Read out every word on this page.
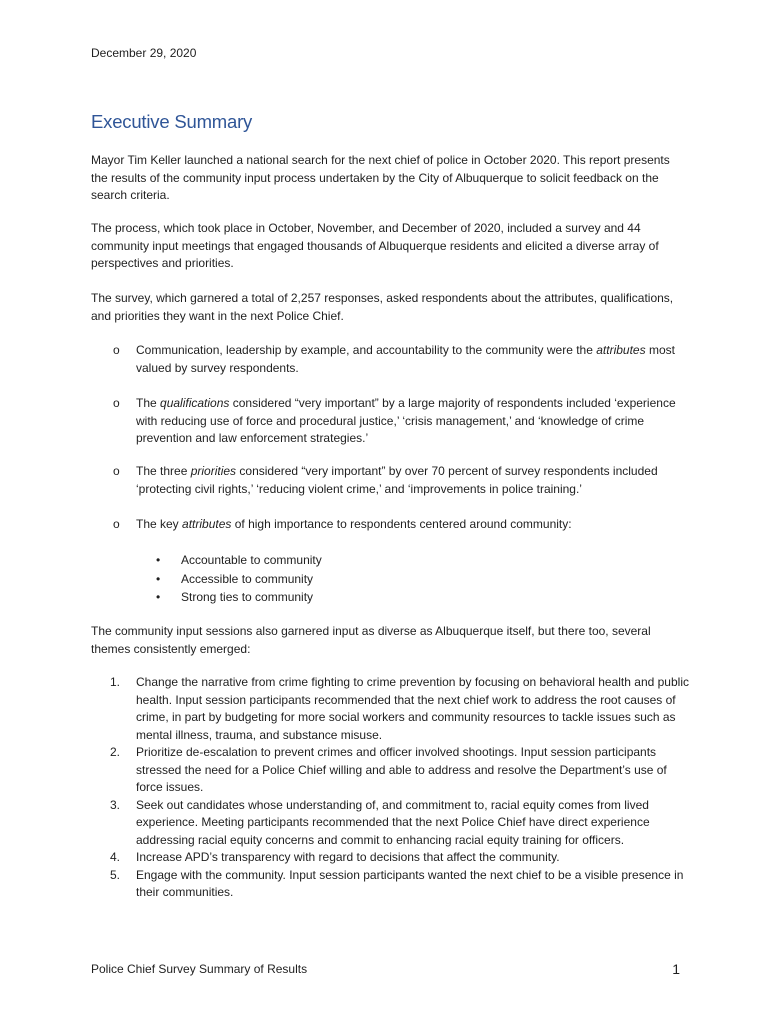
December 29, 2020
Executive Summary

Mayor Tim Keller launched a national search for the next chief of police in October 2020. This report presents the results of the community input process undertaken by the City of Albuquerque to solicit feedback on the search criteria.

The process, which took place in October, November, and December of 2020, included a survey and 44 community input meetings that engaged thousands of Albuquerque residents and elicited a diverse array of perspectives and priorities.

The survey, which garnered a total of 2,257 responses, asked respondents about the attributes, qualifications, and priorities they want in the next Police Chief.

o Communication, leadership by example, and accountability to the community were the attributes most valued by survey respondents.
o The qualifications considered “very important” by a large majority of respondents included ‘experience with reducing use of force and procedural justice,’ ‘crisis management,’ and ‘knowledge of crime prevention and law enforcement strategies.’
o The three priorities considered “very important” by over 70 percent of survey respondents included ‘protecting civil rights,’ ‘reducing violent crime,’ and ‘improvements in police training.’
o The key attributes of high importance to respondents centered around community:
• Accountable to community
• Accessible to community
• Strong ties to community

The community input sessions also garnered input as diverse as Albuquerque itself, but there too, several themes consistently emerged:

1. Change the narrative from crime fighting to crime prevention by focusing on behavioral health and public health. Input session participants recommended that the next chief work to address the root causes of crime, in part by budgeting for more social workers and community resources to tackle issues such as mental illness, trauma, and substance misuse.
2. Prioritize de-escalation to prevent crimes and officer involved shootings. Input session participants stressed the need for a Police Chief willing and able to address and resolve the Department’s use of force issues.
3. Seek out candidates whose understanding of, and commitment to, racial equity comes from lived experience. Meeting participants recommended that the next Police Chief have direct experience addressing racial equity concerns and commit to enhancing racial equity training for officers.
4. Increase APD’s transparency with regard to decisions that affect the community.
5. Engage with the community. Input session participants wanted the next chief to be a visible presence in their communities.
Police Chief Survey Summary of Results	1
